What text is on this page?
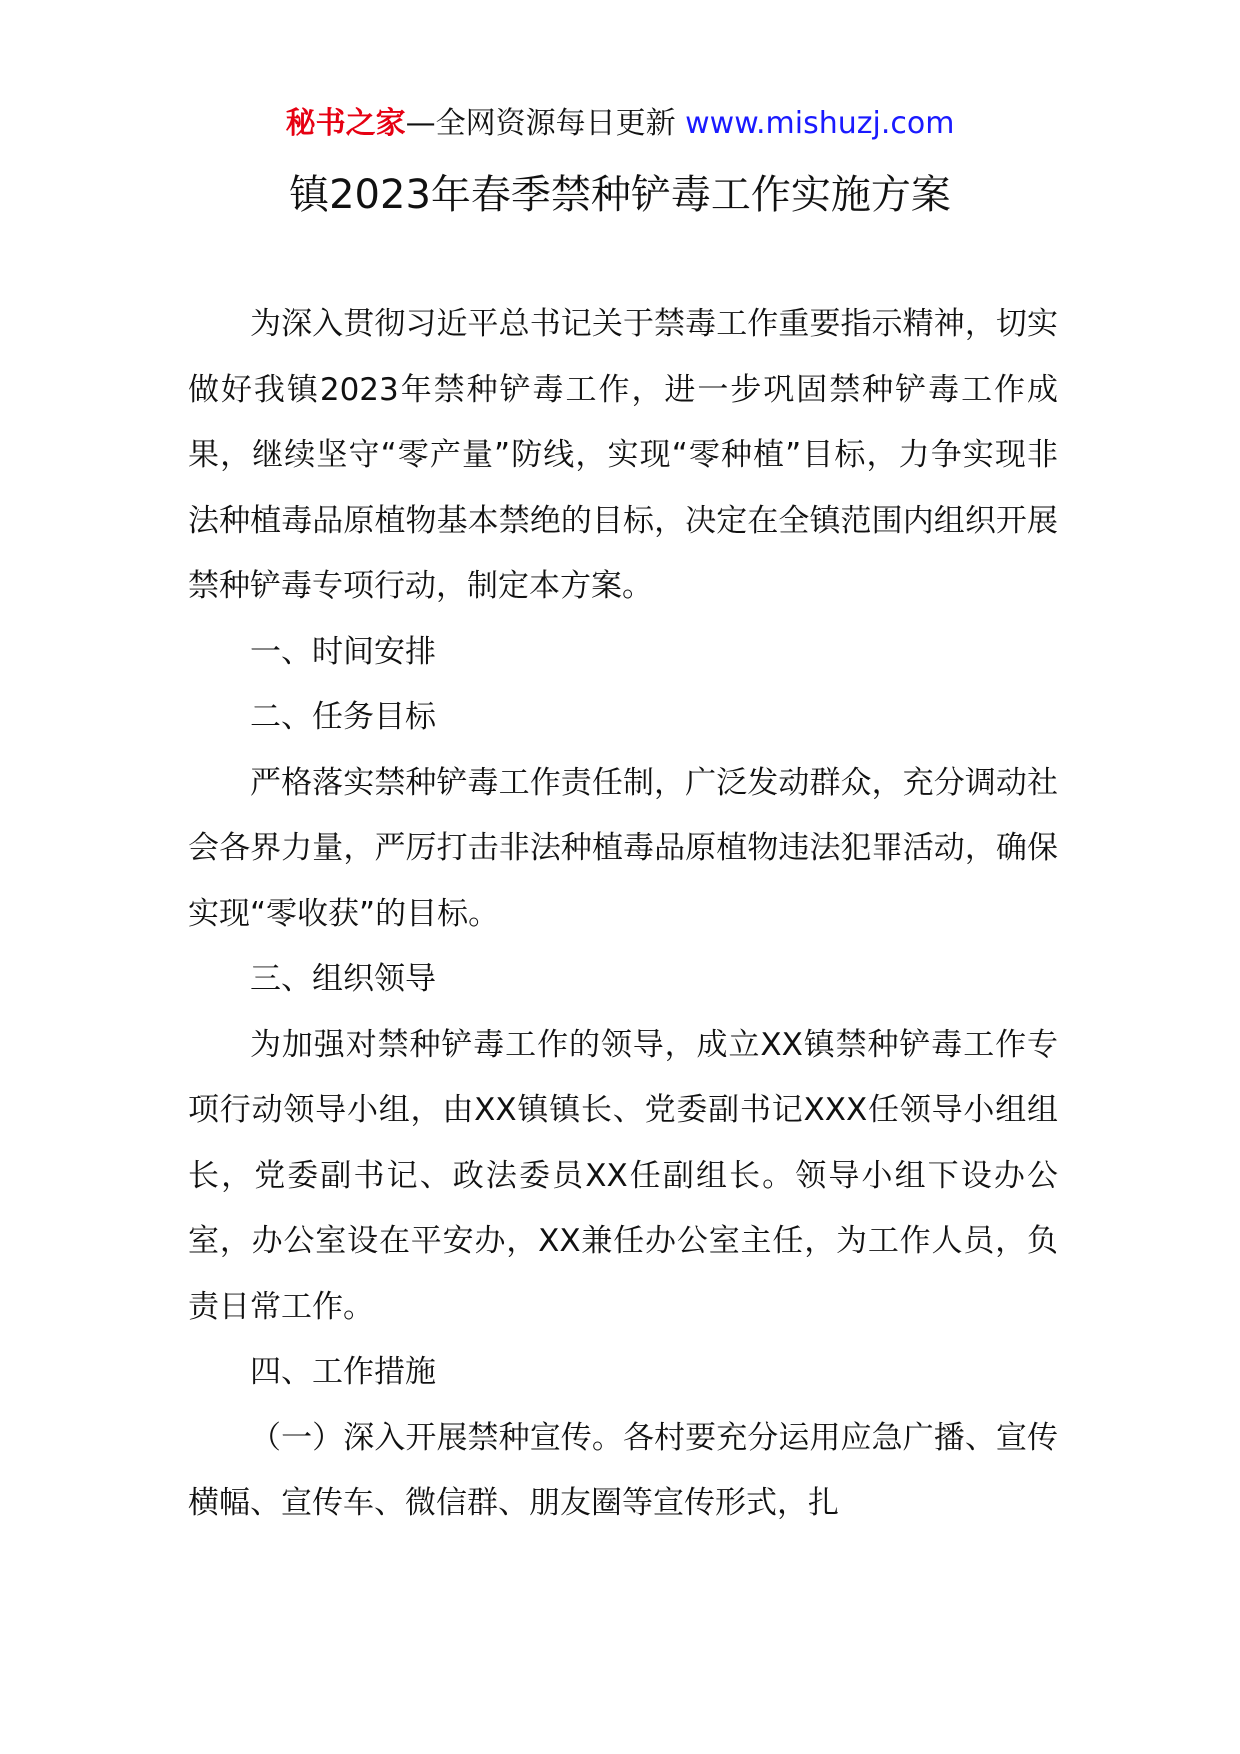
秘书之家—全网资源每日更新 www.mishuzj.com
镇2023年春季禁种铲毒工作实施方案

为深入贯彻习近平总书记关于禁毒工作重要指示精神，切实做好我镇2023年禁种铲毒工作，进一步巩固禁种铲毒工作成果，继续坚守“零产量”防线，实现“零种植”目标，力争实现非法种植毒品原植物基本禁绝的目标，决定在全镇范围内组织开展禁种铲毒专项行动，制定本方案。

一、时间安排

二、任务目标

严格落实禁种铲毒工作责任制，广泛发动群众，充分调动社会各界力量，严厉打击非法种植毒品原植物违法犯罪活动，确保实现“零收获”的目标。

三、组织领导

为加强对禁种铲毒工作的领导，成立XX镇禁种铲毒工作专项行动领导小组，由XX镇镇长、党委副书记XXX任领导小组组长，党委副书记、政法委员XX任副组长。领导小组下设办公室，办公室设在平安办，XX兼任办公室主任，为工作人员，负责日常工作。

四、工作措施

（一）深入开展禁种宣传。各村要充分运用应急广播、宣传横幅、宣传车、微信群、朋友圈等宣传形式，扎
